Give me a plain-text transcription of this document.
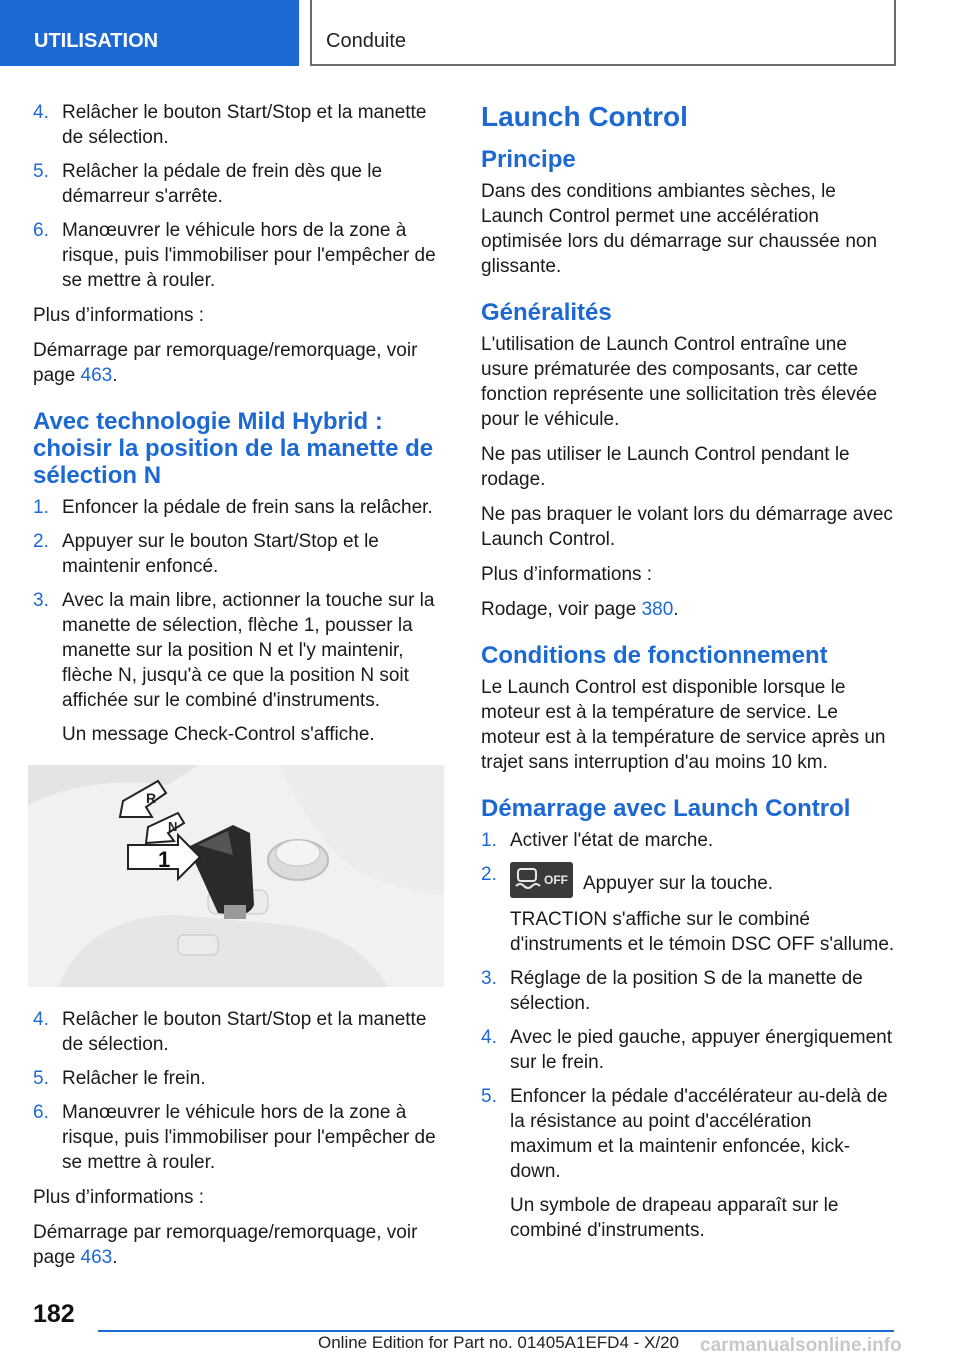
UTILISATION	Conduite
4. Relâcher le bouton Start/Stop et la manette de sélection.
5. Relâcher la pédale de frein dès que le démarreur s'arrête.
6. Manœuvrer le véhicule hors de la zone à risque, puis l'immobiliser pour l'empêcher de se mettre à rouler.

Plus d’informations :

Démarrage par remorquage/remorquage, voir page 463.

Avec technologie Mild Hybrid : choisir la position de la manette de sélection N
1. Enfoncer la pédale de frein sans la relâcher.
2. Appuyer sur le bouton Start/Stop et le maintenir enfoncé.
3. Avec la main libre, actionner la touche sur la manette de sélection, flèche 1, pousser la manette sur la position N et l'y maintenir, flèche N, jusqu'à ce que la position N soit affichée sur le combiné d'instruments.
Un message Check-Control s'affiche.
R
N
1
4. Relâcher le bouton Start/Stop et la manette de sélection.
5. Relâcher le frein.
6. Manœuvrer le véhicule hors de la zone à risque, puis l'immobiliser pour l'empêcher de se mettre à rouler.

Plus d’informations :

Démarrage par remorquage/remorquage, voir page 463.

Launch Control
Principe

Dans des conditions ambiantes sèches, le Launch Control permet une accélération optimisée lors du démarrage sur chaussée non glissante.

Généralités

L'utilisation de Launch Control entraîne une usure prématurée des composants, car cette fonction représente une sollicitation très élevée pour le véhicule.

Ne pas utiliser le Launch Control pendant le rodage.

Ne pas braquer le volant lors du démarrage avec Launch Control.

Plus d’informations :

Rodage, voir page 380.

Conditions de fonctionnement

Le Launch Control est disponible lorsque le moteur est à la température de service. Le moteur est à la température de service après un trajet sans interruption d'au moins 10 km.

Démarrage avec Launch Control
1. Activer l'état de marche.
2.	OFF Appuyer sur la touche.
TRACTION s'affiche sur le combiné d'instruments et le témoin DSC OFF s'allume.
3. Réglage de la position S de la manette de sélection.
4. Avec le pied gauche, appuyer énergiquement sur le frein.
5. Enfoncer la pédale d'accélérateur au-delà de la résistance au point d'accélération maximum et la maintenir enfoncée, kick-down.
Un symbole de drapeau apparaît sur le combiné d'instruments.
182
Online Edition for Part no. 01405A1EFD4 - X/20	carmanualsonline.info
